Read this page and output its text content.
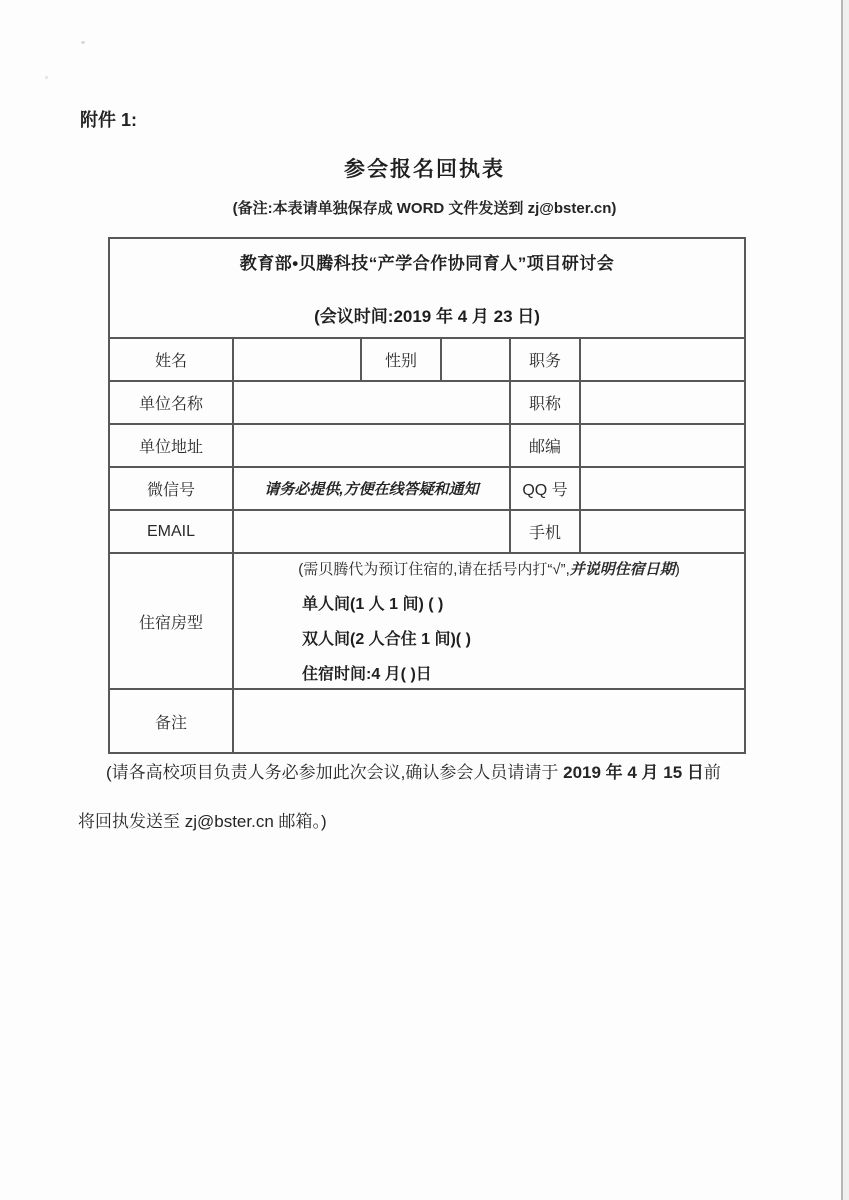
附件 1:
参会报名回执表
(备注:本表请单独保存成 WORD 文件发送到 zj@bster.cn)
教育部•贝腾科技“产学合作协同育人”项目研讨会
(会议时间:2019 年 4 月 23 日)					

姓名		性别		职务	
单位名称				职称	
单位地址				邮编	
微信号	请务必提供,方便在线答疑和通知			QQ 号	
EMAIL				手机	
住宿房型	(需贝腾代为预订住宿的,请在括号内打“√”,并说明住宿日期)
单人间(1 人 1 间) ( )
双人间(2 人合住 1 间)( )
住宿时间:4 月( )日				

备注					
(请各高校项目负责人务必参加此次会议,确认参会人员请请于 2019 年 4 月 15 日前
将回执发送至 zj@bster.cn 邮箱。)
